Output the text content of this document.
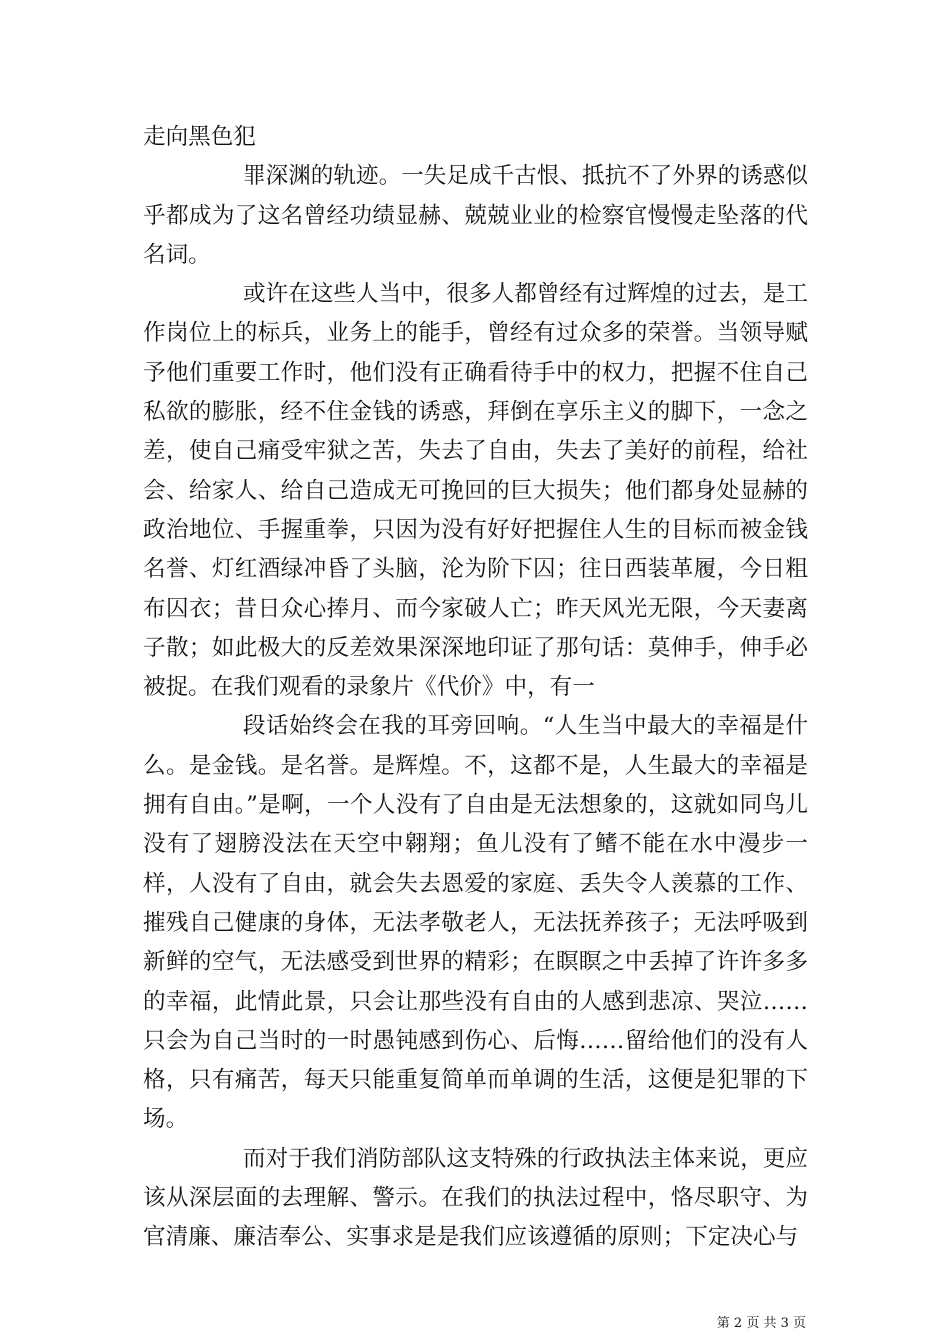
走向黑色犯

罪深渊的轨迹。一失足成千古恨、抵抗不了外界的诱惑似乎都成为了这名曾经功绩显赫、兢兢业业的检察官慢慢走坠落的代名词。

或许在这些人当中，很多人都曾经有过辉煌的过去，是工作岗位上的标兵，业务上的能手，曾经有过众多的荣誉。当领导赋予他们重要工作时，他们没有正确看待手中的权力，把握不住自己私欲的膨胀，经不住金钱的诱惑，拜倒在享乐主义的脚下，一念之差，使自己痛受牢狱之苦，失去了自由，失去了美好的前程，给社会、给家人、给自己造成无可挽回的巨大损失；他们都身处显赫的政治地位、手握重拳，只因为没有好好把握住人生的目标而被金钱名誉、灯红酒绿冲昏了头脑，沦为阶下囚；往日西装革履，今日粗布囚衣；昔日众心捧月、而今家破人亡；昨天风光无限，今天妻离子散；如此极大的反差效果深深地印证了那句话：莫伸手，伸手必被捉。在我们观看的录象片《代价》中，有一

段话始终会在我的耳旁回响。“人生当中最大的幸福是什么。是金钱。是名誉。是辉煌。不，这都不是，人生最大的幸福是拥有自由。”是啊，一个人没有了自由是无法想象的，这就如同鸟儿没有了翅膀没法在天空中翱翔；鱼儿没有了鳍不能在水中漫步一样，人没有了自由，就会失去恩爱的家庭、丢失令人羡慕的工作、摧残自己健康的身体，无法孝敬老人，无法抚养孩子；无法呼吸到新鲜的空气，无法感受到世界的精彩；在瞑瞑之中丢掉了许许多多的幸福，此情此景，只会让那些没有自由的人感到悲凉、哭泣……只会为自己当时的一时愚钝感到伤心、后悔……留给他们的没有人格，只有痛苦，每天只能重复简单而单调的生活，这便是犯罪的下场。

而对于我们消防部队这支特殊的行政执法主体来说，更应该从深层面的去理解、警示。在我们的执法过程中，恪尽职守、为官清廉、廉洁奉公、实事求是是我们应该遵循的原则；下定决心与

第 2 页 共 3 页
